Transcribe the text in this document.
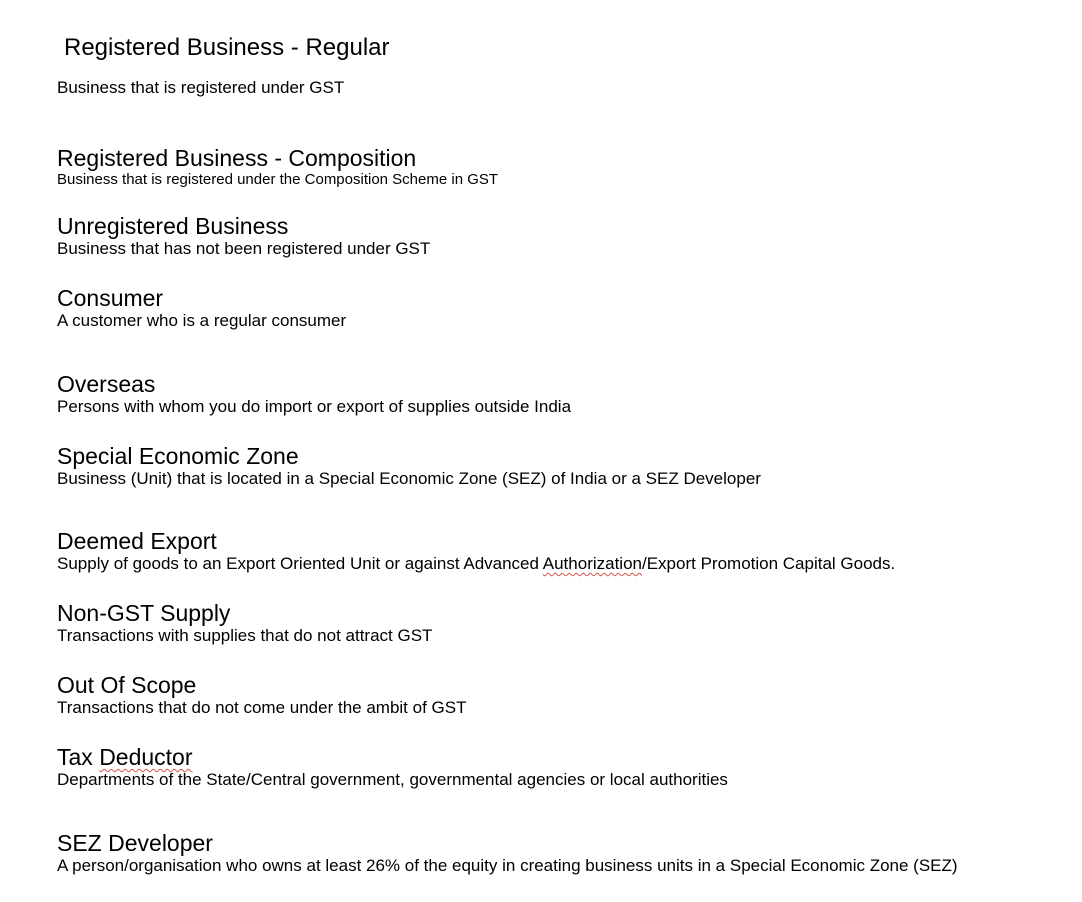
Registered Business - Regular
Business that is registered under GST
Registered Business - Composition
Business that is registered under the Composition Scheme in GST
Unregistered Business
Business that has not been registered under GST
Consumer
A customer who is a regular consumer
Overseas
Persons with whom you do import or export of supplies outside India
Special Economic Zone
Business (Unit) that is located in a Special Economic Zone (SEZ) of India or a SEZ Developer
Deemed Export
Supply of goods to an Export Oriented Unit or against Advanced Authorization/Export Promotion Capital Goods.
Non-GST Supply
Transactions with supplies that do not attract GST
Out Of Scope
Transactions that do not come under the ambit of GST
Tax Deductor
Departments of the State/Central government, governmental agencies or local authorities
SEZ Developer
A person/organisation who owns at least 26% of the equity in creating business units in a Special Economic Zone (SEZ)
